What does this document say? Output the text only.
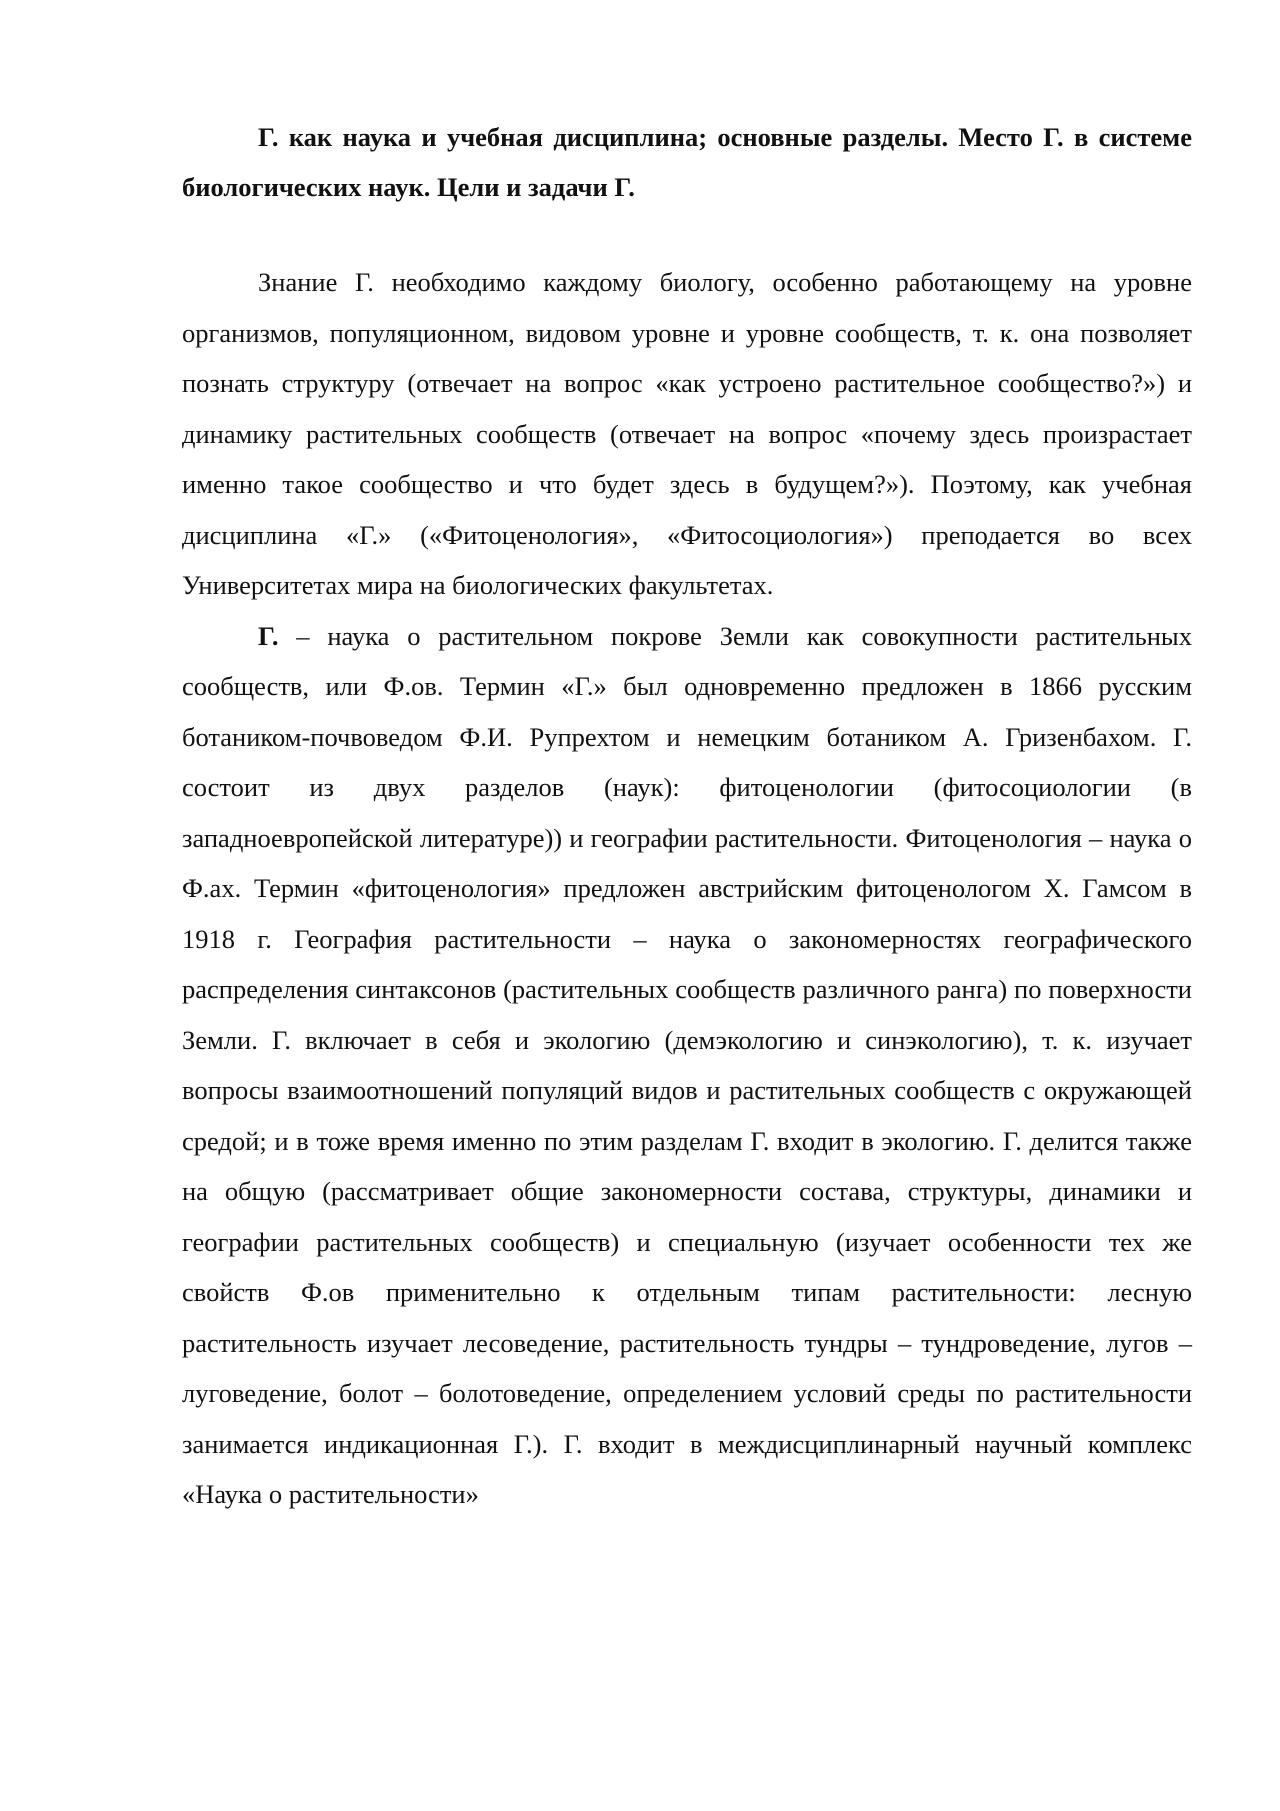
Г. как наука и учебная дисциплина; основные разделы. Место Г. в системе биологических наук. Цели и задачи Г.

Знание Г. необходимо каждому биологу, особенно работающему на уровне организмов, популяционном, видовом уровне и уровне сообществ, т. к. она позволяет познать структуру (отвечает на вопрос «как устроено растительное сообщество?») и динамику растительных сообществ (отвечает на вопрос «почему здесь произрастает именно такое сообщество и что будет здесь в будущем?»). Поэтому, как учебная дисциплина «Г.» («Фитоценология», «Фитосоциология») преподается во всех Университетах мира на биологических факультетах.

Г. – наука о растительном покрове Земли как совокупности растительных сообществ, или Ф.ов. Термин «Г.» был одновременно предложен в 1866 русским ботаником-почвоведом Ф.И. Рупрехтом и немецким ботаником А. Гризенбахом. Г. состоит из двух разделов (наук): фитоценологии (фитосоциологии (в западноевропейской литературе)) и географии растительности. Фитоценология – наука о Ф.ах. Термин «фитоценология» предложен австрийским фитоценологом Х. Гамсом в 1918 г. География растительности – наука о закономерностях географического распределения синтаксонов (растительных сообществ различного ранга) по поверхности Земли. Г. включает в себя и экологию (демэкологию и синэкологию), т. к. изучает вопросы взаимоотношений популяций видов и растительных сообществ с окружающей средой; и в тоже время именно по этим разделам Г. входит в экологию. Г. делится также на общую (рассматривает общие закономерности состава, структуры, динамики и географии растительных сообществ) и специальную (изучает особенности тех же свойств Ф.ов применительно к отдельным типам растительности: лесную растительность изучает лесоведение, растительность тундры – тундроведение, лугов – луговедение, болот – болотоведение, определением условий среды по растительности занимается индикационная Г.). Г. входит в междисциплинарный научный комплекс «Наука о растительности»
